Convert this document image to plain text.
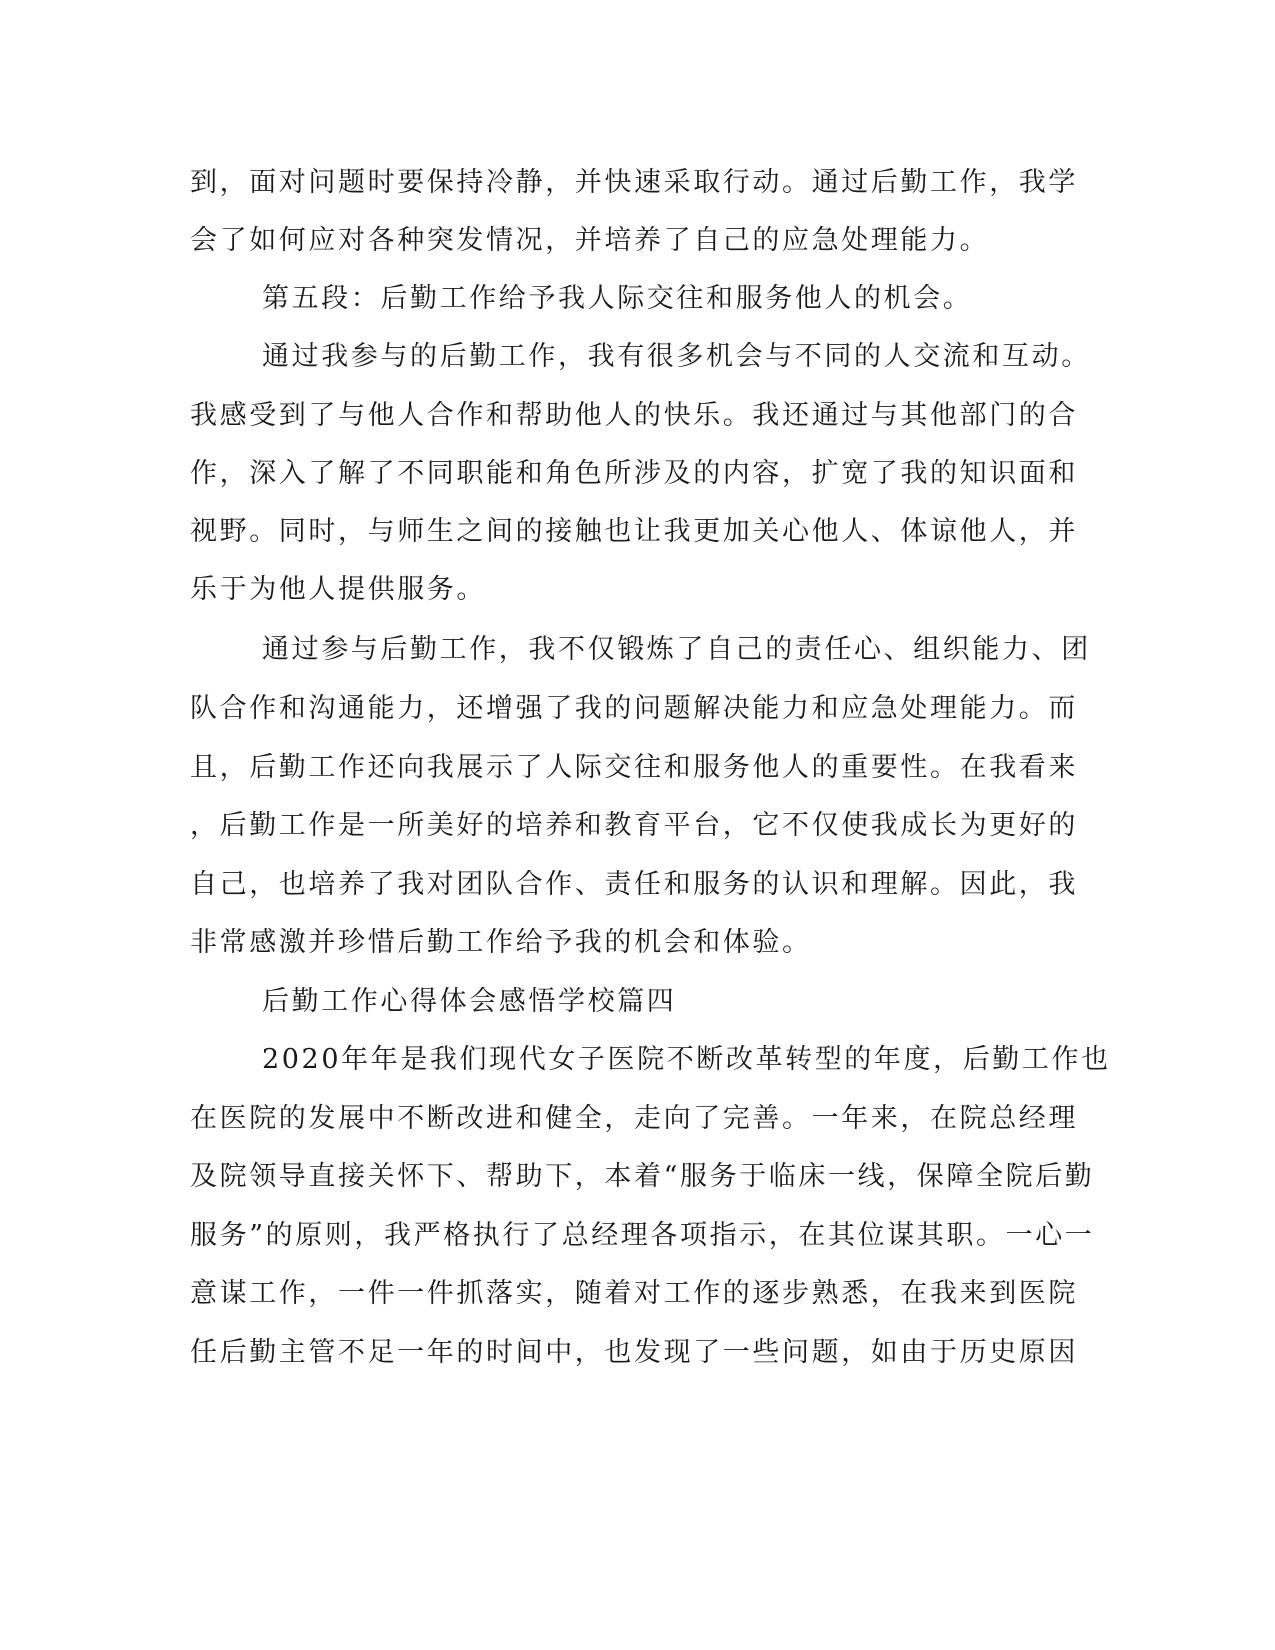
到，面对问题时要保持冷静，并快速采取行动。通过后勤工作，我学
会了如何应对各种突发情况，并培养了自己的应急处理能力。
第五段：后勤工作给予我人际交往和服务他人的机会。
通过我参与的后勤工作，我有很多机会与不同的人交流和互动。
我感受到了与他人合作和帮助他人的快乐。我还通过与其他部门的合
作，深入了解了不同职能和角色所涉及的内容，扩宽了我的知识面和
视野。同时，与师生之间的接触也让我更加关心他人、体谅他人，并
乐于为他人提供服务。
通过参与后勤工作，我不仅锻炼了自己的责任心、组织能力、团
队合作和沟通能力，还增强了我的问题解决能力和应急处理能力。而
且，后勤工作还向我展示了人际交往和服务他人的重要性。在我看来
，后勤工作是一所美好的培养和教育平台，它不仅使我成长为更好的
自己，也培养了我对团队合作、责任和服务的认识和理解。因此，我
非常感激并珍惜后勤工作给予我的机会和体验。
后勤工作心得体会感悟学校篇四
2020年年是我们现代女子医院不断改革转型的年度，后勤工作也
在医院的发展中不断改进和健全，走向了完善。一年来，在院总经理
及院领导直接关怀下、帮助下，本着“服务于临床一线，保障全院后勤
服务”的原则，我严格执行了总经理各项指示，在其位谋其职。一心一
意谋工作，一件一件抓落实，随着对工作的逐步熟悉，在我来到医院
任后勤主管不足一年的时间中，也发现了一些问题，如由于历史原因
